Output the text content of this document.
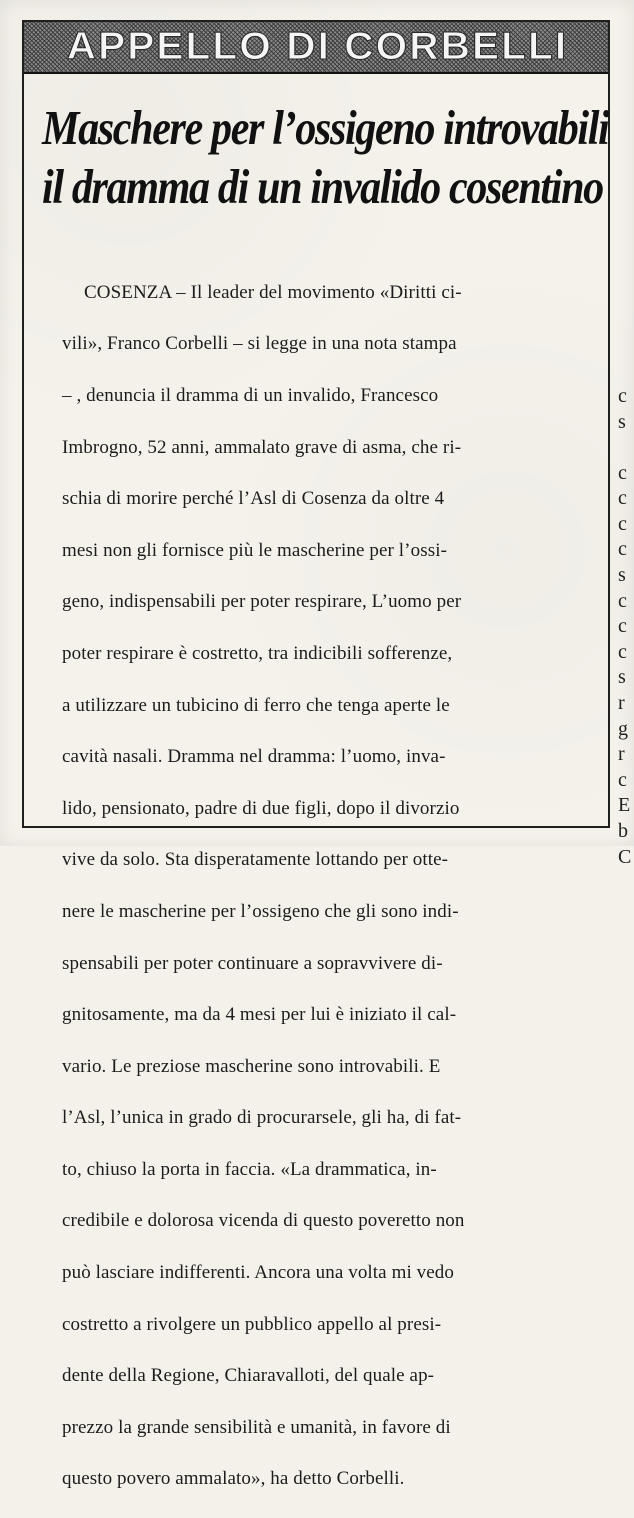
APPELLO DI CORBELLI
Maschere per l’ossigeno introvabili
il dramma di un invalido cosentino

COSENZA – Il leader del movimento «Diritti ci-

vili», Franco Corbelli – si legge in una nota stampa

– , denuncia il dramma di un invalido, Francesco

Imbrogno, 52 anni, ammalato grave di asma, che ri-

schia di morire perché l’Asl di Cosenza da oltre 4

mesi non gli fornisce più le mascherine per l’ossi-

geno, indispensabili per poter respirare, L’uomo per

poter respirare è costretto, tra indicibili sofferenze,

a utilizzare un tubicino di ferro che tenga aperte le

cavità nasali. Dramma nel dramma: l’uomo, inva-

lido, pensionato, padre di due figli, dopo il divorzio

vive da solo. Sta disperatamente lottando per otte-

nere le mascherine per l’ossigeno che gli sono indi-

spensabili per poter continuare a sopravvivere di-

gnitosamente, ma da 4 mesi per lui è iniziato il cal-

vario. Le preziose mascherine sono introvabili. E

l’Asl, l’unica in grado di procurarsele, gli ha, di fat-

to, chiuso la porta in faccia. «La drammatica, in-

credibile e dolorosa vicenda di questo poveretto non

può lasciare indifferenti. Ancora una volta mi vedo

costretto a rivolgere un pubblico appello al presi-

dente della Regione, Chiaravalloti, del quale ap-

prezzo la grande sensibilità e umanità, in favore di

questo povero ammalato», ha detto Corbelli.

c
s
c
c
c
c
s
c
c
c
s
r
g
r
c
E
b
C
